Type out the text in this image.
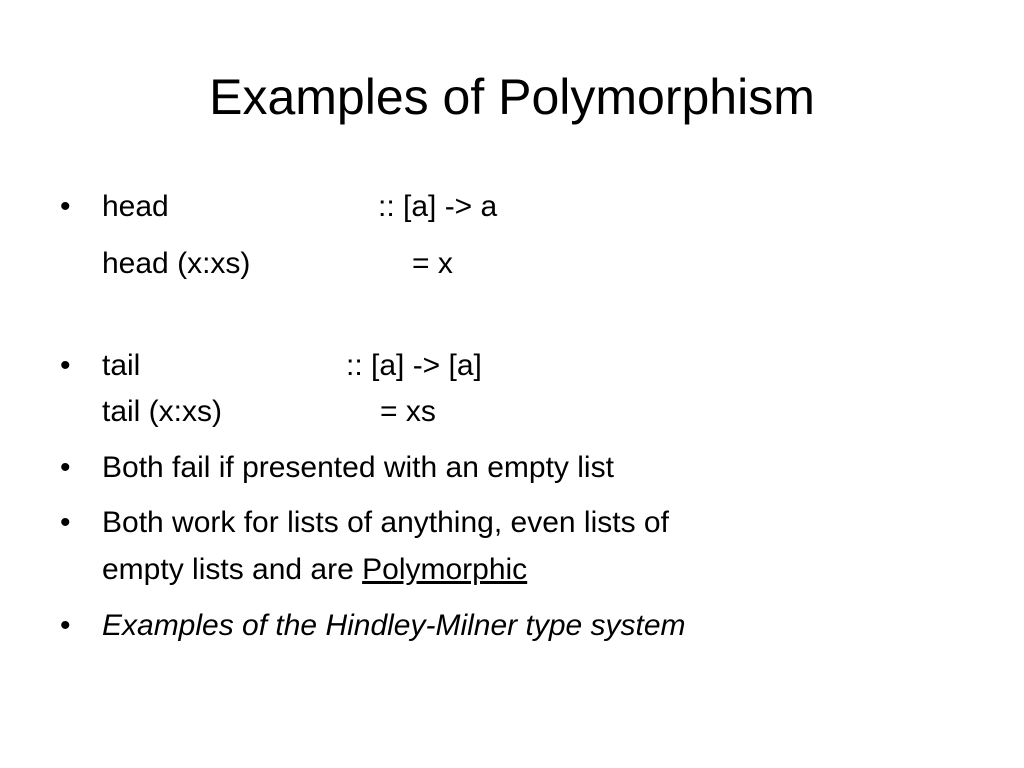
Examples of Polymorphism
• head	:: [a] -> a
head (x:xs)	= x
• tail	:: [a] -> [a]
tail (x:xs)	= xs
• Both fail if presented with an empty list
• Both work for lists of anything, even lists of
empty lists and are Polymorphic
• Examples of the Hindley-Milner type system
